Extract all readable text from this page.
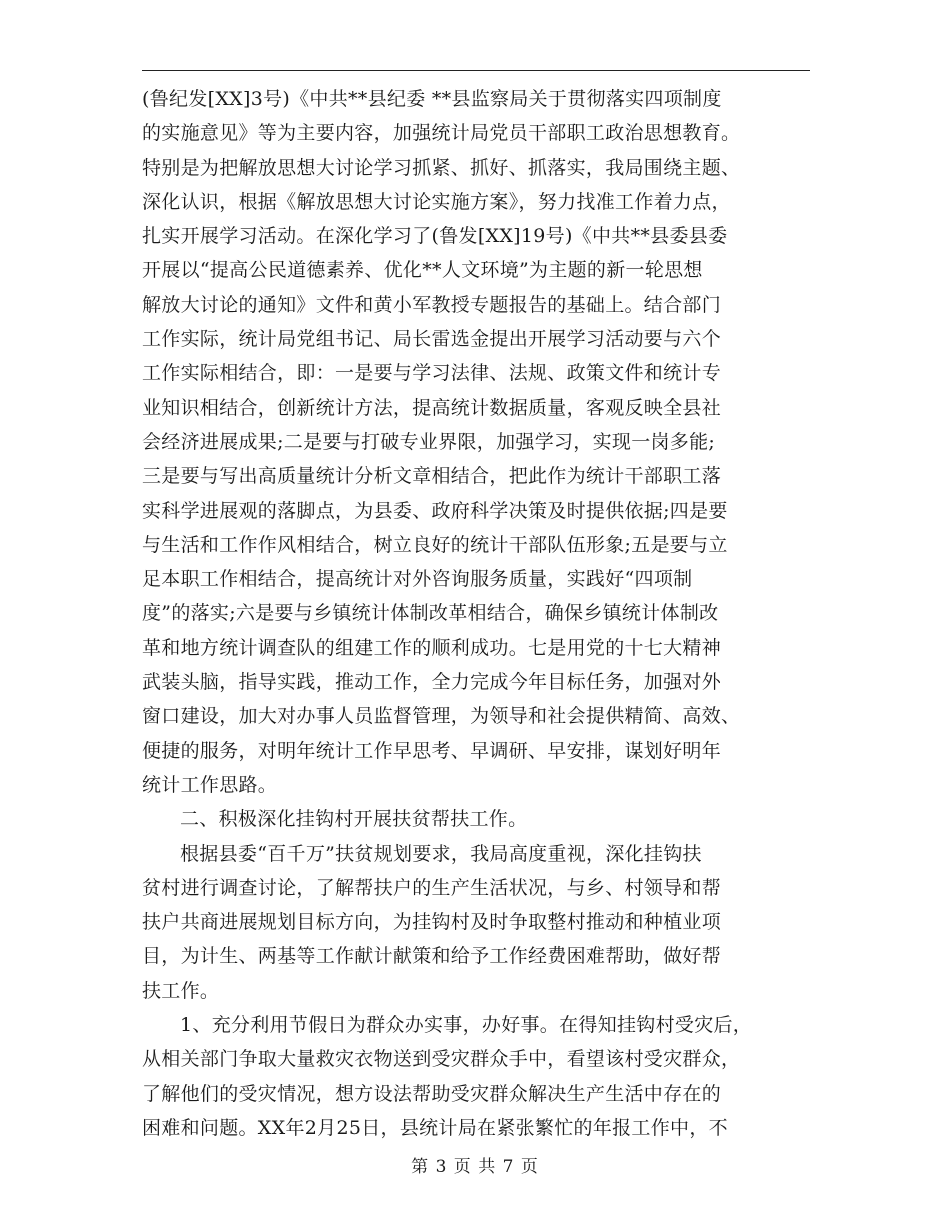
(鲁纪发[XX]3号)《中共**县纪委 **县监察局关于贯彻落实四项制度
的实施意见》等为主要内容，加强统计局党员干部职工政治思想教育。
特别是为把解放思想大讨论学习抓紧、抓好、抓落实，我局围绕主题、
深化认识，根据《解放思想大讨论实施方案》，努力找准工作着力点，
扎实开展学习活动。在深化学习了(鲁发[XX]19号)《中共**县委县委
开展以“提高公民道德素养、优化**人文环境”为主题的新一轮思想
解放大讨论的通知》文件和黄小军教授专题报告的基础上。结合部门
工作实际，统计局党组书记、局长雷选金提出开展学习活动要与六个
工作实际相结合，即：一是要与学习法律、法规、政策文件和统计专
业知识相结合，创新统计方法，提高统计数据质量，客观反映全县社
会经济进展成果;二是要与打破专业界限，加强学习，实现一岗多能;
三是要与写出高质量统计分析文章相结合，把此作为统计干部职工落
实科学进展观的落脚点，为县委、政府科学决策及时提供依据;四是要
与生活和工作作风相结合，树立良好的统计干部队伍形象;五是要与立
足本职工作相结合，提高统计对外咨询服务质量，实践好“四项制
度”的落实;六是要与乡镇统计体制改革相结合，确保乡镇统计体制改
革和地方统计调查队的组建工作的顺利成功。七是用党的十七大精神
武装头脑，指导实践，推动工作，全力完成今年目标任务，加强对外
窗口建设，加大对办事人员监督管理，为领导和社会提供精简、高效、
便捷的服务，对明年统计工作早思考、早调研、早安排，谋划好明年
统计工作思路。
二、积极深化挂钩村开展扶贫帮扶工作。
根据县委“百千万”扶贫规划要求，我局高度重视，深化挂钩扶
贫村进行调查讨论，了解帮扶户的生产生活状况，与乡、村领导和帮
扶户共商进展规划目标方向，为挂钩村及时争取整村推动和种植业项
目，为计生、两基等工作献计献策和给予工作经费困难帮助，做好帮
扶工作。
1、充分利用节假日为群众办实事，办好事。在得知挂钩村受灾后，
从相关部门争取大量救灾衣物送到受灾群众手中，看望该村受灾群众，
了解他们的受灾情况，想方设法帮助受灾群众解决生产生活中存在的
困难和问题。XX年2月25日，县统计局在紧张繁忙的年报工作中，不
第 3 页 共 7 页
